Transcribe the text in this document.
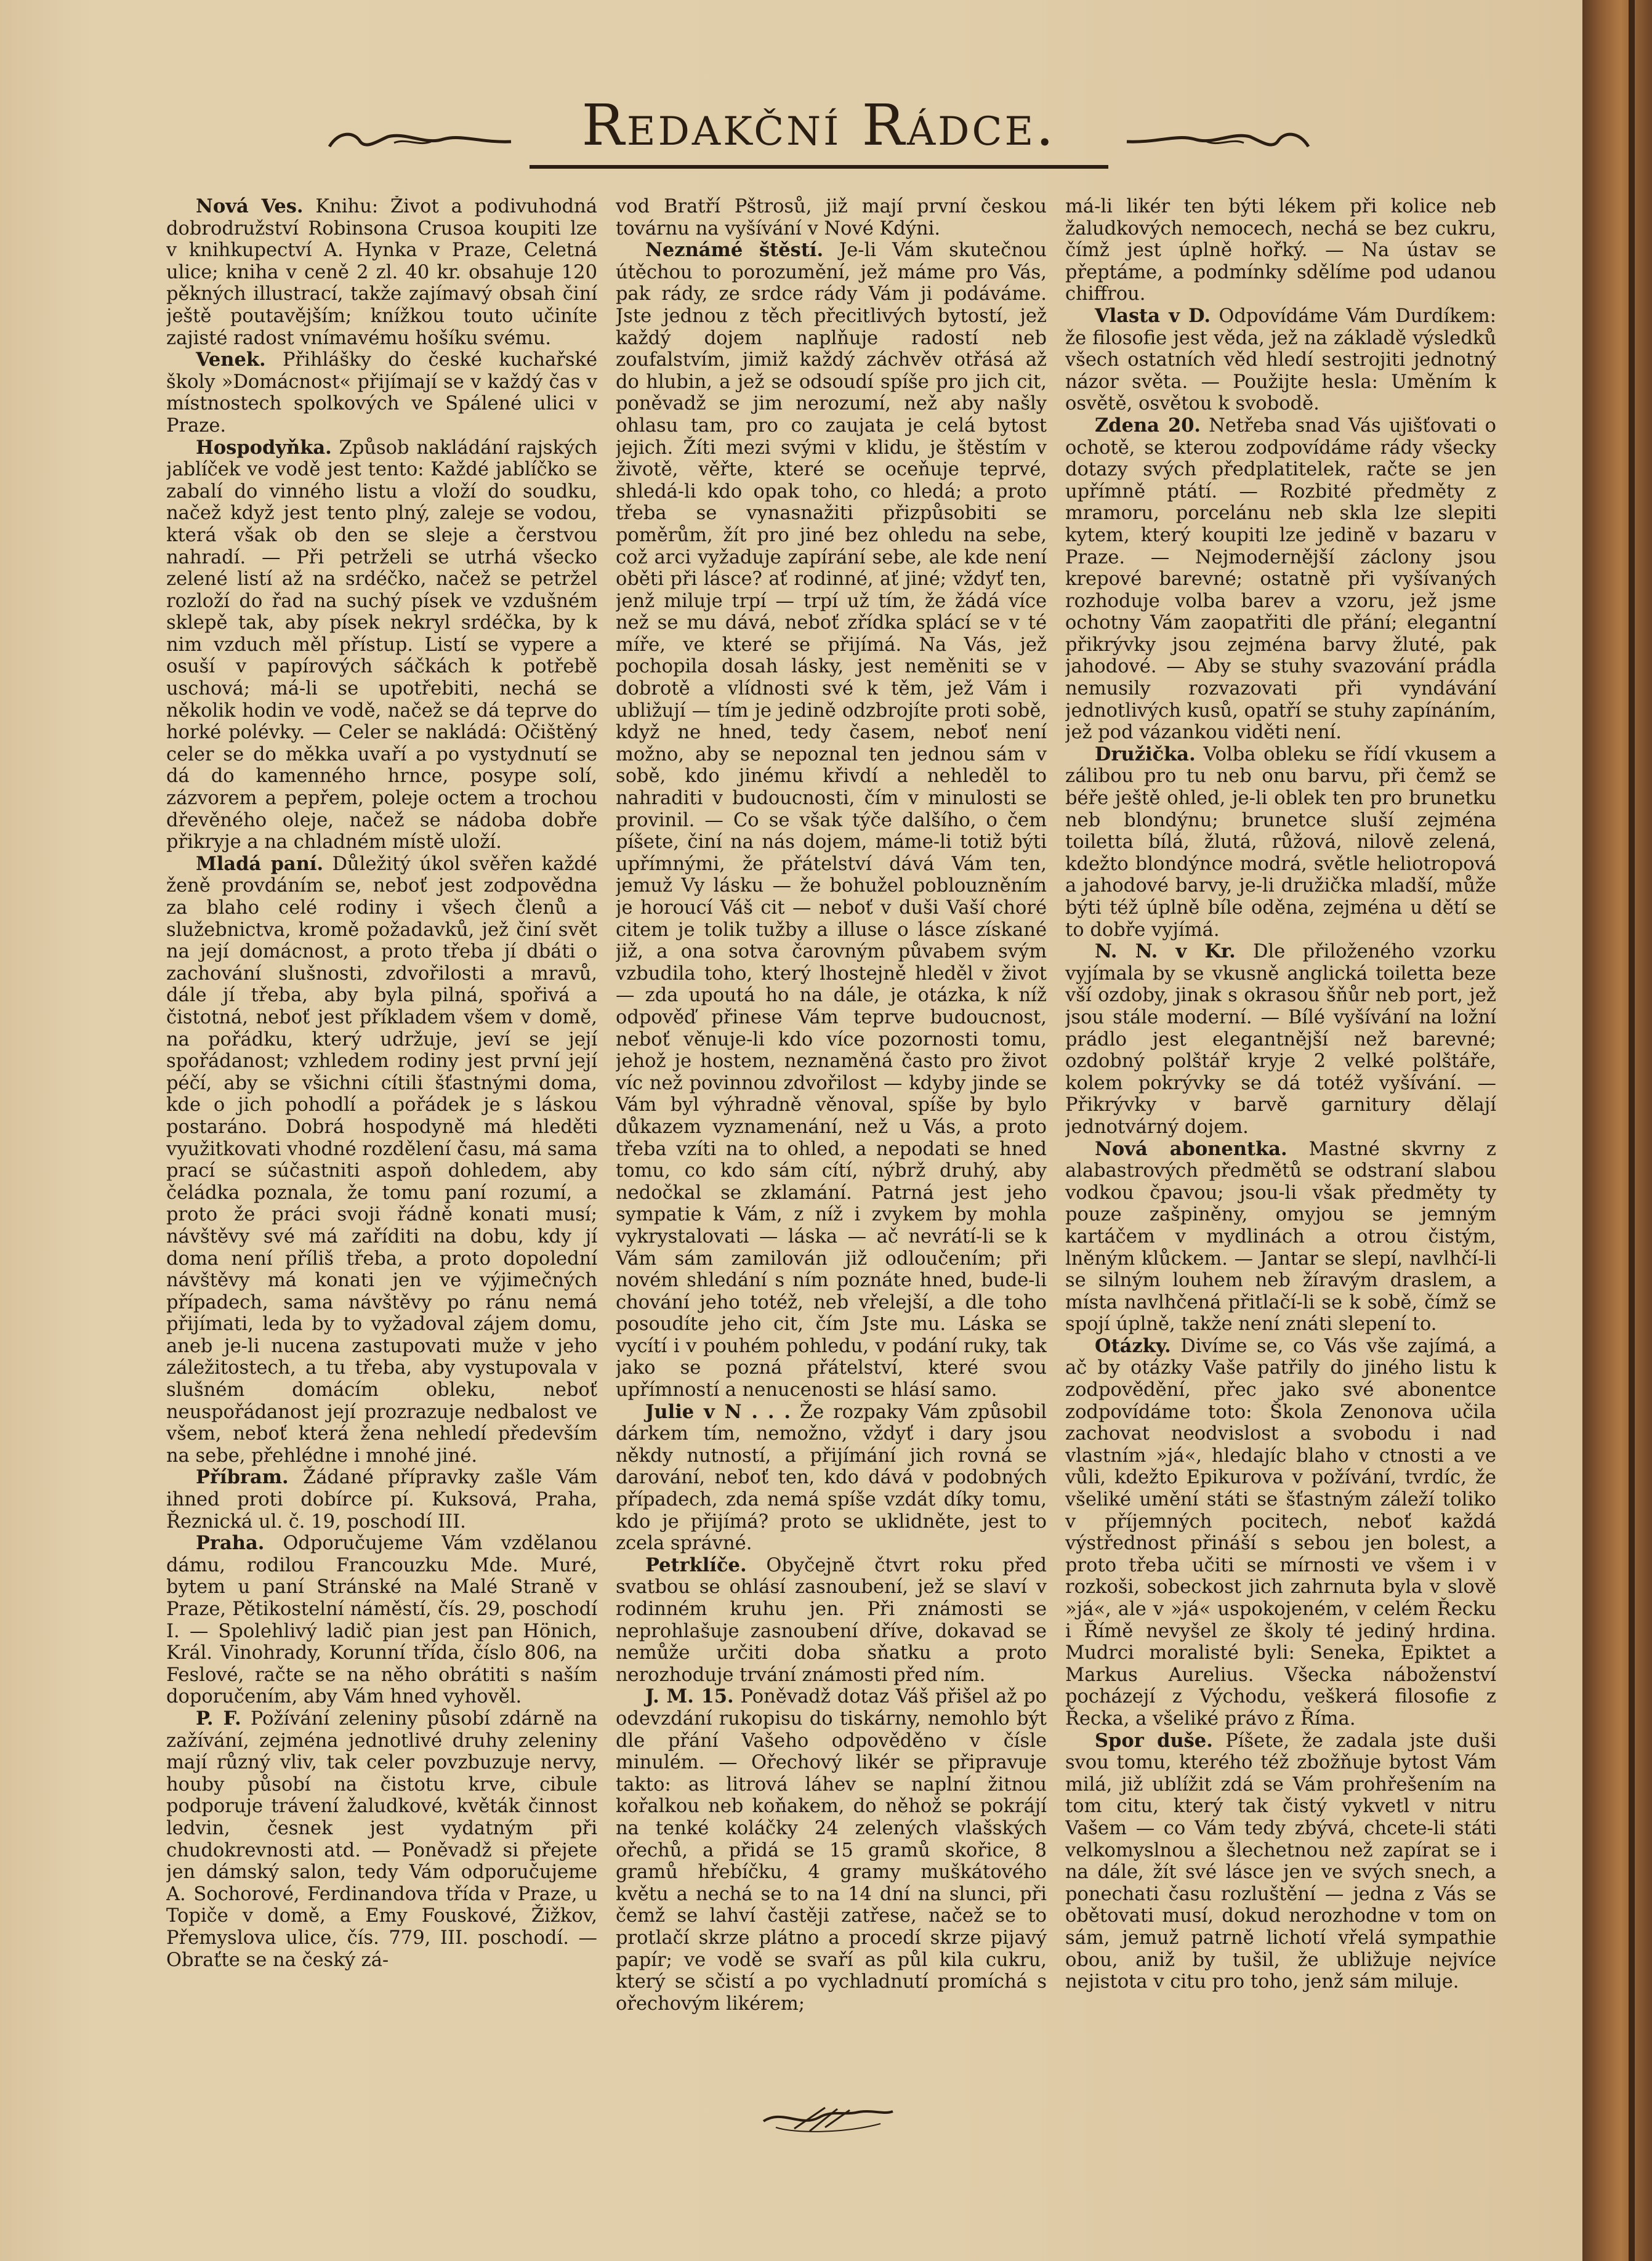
Redakční Rádce.

Nová Ves. Knihu: Život a podivuhodná dobrodružství Robinsona Crusoa koupiti lze v knihkupectví A. Hynka v Praze, Celetná ulice; kniha v ceně 2 zl. 40 kr. obsahuje 120 pěkných illustrací, takže zajímavý obsah činí ještě poutavějším; knížkou touto učiníte zajisté radost vnímavému hošíku svému.

Venek. Přihlášky do české kuchařské školy »Domácnost« přijímají se v každý čas v místnostech spolkových ve Spálené ulici v Praze.

Hospodyňka. Způsob nakládání rajských jablíček ve vodě jest tento: Každé jablíčko se zabalí do vinného listu a vloží do soudku, načež když jest tento plný, zaleje se vodou, která však ob den se sleje a čerstvou nahradí. — Při petrželi se utrhá všecko zelené listí až na srdéčko, načež se petržel rozloží do řad na suchý písek ve vzdušném sklepě tak, aby písek nekryl srdéčka, by k nim vzduch měl přístup. Listí se vypere a osuší v papírových sáčkách k potřebě uschová; má-li se upotřebiti, nechá se několik hodin ve vodě, načež se dá teprve do horké polévky. — Celer se nakládá: Očištěný celer se do měkka uvaří a po vystydnutí se dá do kamenného hrnce, posype solí, zázvorem a pepřem, poleje octem a trochou dřevěného oleje, načež se nádoba dobře přikryje a na chladném místě uloží.

Mladá paní. Důležitý úkol svěřen každé ženě provdáním se, neboť jest zodpovědna za blaho celé rodiny i všech členů a služebnictva, kromě požadavků, jež činí svět na její domácnost, a proto třeba jí dbáti o zachování slušnosti, zdvořilosti a mravů, dále jí třeba, aby byla pilná, spořivá a čistotná, neboť jest příkladem všem v domě, na pořádku, který udržuje, jeví se její spořádanost; vzhledem rodiny jest první její péčí, aby se všichni cítili šťastnými doma, kde o jich pohodlí a pořádek je s láskou postaráno. Dobrá hospodyně má hleděti využitkovati vhodné rozdělení času, má sama prací se súčastniti aspoň dohledem, aby čeládka poznala, že tomu paní rozumí, a proto že práci svoji řádně konati musí; návštěvy své má zaříditi na dobu, kdy jí doma není příliš třeba, a proto dopolední návštěvy má konati jen ve výjimečných případech, sama návštěvy po ránu nemá přijímati, leda by to vyžadoval zájem domu, aneb je-li nucena zastupovati muže v jeho záležitostech, a tu třeba, aby vystupovala v slušném domácím obleku, neboť neuspořádanost její prozrazuje nedbalost ve všem, neboť která žena nehledí především na sebe, přehlédne i mnohé jiné.

Příbram. Žádané přípravky zašle Vám ihned proti dobírce pí. Kuksová, Praha, Řeznická ul. č. 19, poschodí III.

Praha. Odporučujeme Vám vzdělanou dámu, rodilou Francouzku Mde. Muré, bytem u paní Stránské na Malé Straně v Praze, Pětikostelní náměstí, čís. 29, poschodí I. — Spolehlivý ladič pian jest pan Hönich, Král. Vinohrady, Korunní třída, číslo 806, na Feslové, račte se na něho obrátiti s naším doporučením, aby Vám hned vyhověl.

P. F. Požívání zeleniny působí zdárně na zažívání, zejména jednotlivé druhy zeleniny mají různý vliv, tak celer povzbuzuje nervy, houby působí na čistotu krve, cibule podporuje trávení žaludkové, květák činnost ledvin, česnek jest vydatným při chudokrevnosti atd. — Poněvadž si přejete jen dámský salon, tedy Vám odporučujeme A. Sochorové, Ferdinandova třída v Praze, u Topiče v domě, a Emy Fouskové, Žižkov, Přemyslova ulice, čís. 779, III. poschodí. — Obraťte se na český zá-

vod Bratří Pštrosů, již mají první českou továrnu na vyšívání v Nové Kdýni.

Neznámé štěstí. Je-li Vám skutečnou útěchou to porozumění, jež máme pro Vás, pak rády, ze srdce rády Vám ji podáváme. Jste jednou z těch přecitlivých bytostí, jež každý dojem naplňuje radostí neb zoufalstvím, jimiž každý záchvěv otřásá až do hlubin, a jež se odsoudí spíše pro jich cit, poněvadž se jim nerozumí, než aby našly ohlasu tam, pro co zaujata je celá bytost jejich. Žíti mezi svými v klidu, je štěstím v životě, věřte, které se oceňuje teprvé, shledá-li kdo opak toho, co hledá; a proto třeba se vynasnažiti přizpůsobiti se poměrům, žít pro jiné bez ohledu na sebe, což arci vyžaduje zapírání sebe, ale kde není oběti při lásce? ať rodinné, ať jiné; vždyť ten, jenž miluje trpí — trpí už tím, že žádá více než se mu dává, neboť zřídka splácí se v té míře, ve které se přijímá. Na Vás, jež pochopila dosah lásky, jest neměniti se v dobrotě a vlídnosti své k těm, jež Vám i ubližují — tím je jedině odzbrojíte proti sobě, když ne hned, tedy časem, neboť není možno, aby se nepoznal ten jednou sám v sobě, kdo jinému křivdí a nehleděl to nahraditi v budoucnosti, čím v minulosti se provinil. — Co se však týče dalšího, o čem píšete, činí na nás dojem, máme-li totiž býti upřímnými, že přátelství dává Vám ten, jemuž Vy lásku — že bohužel poblouzněním je horoucí Váš cit — neboť v duši Vaší choré citem je tolik tužby a illuse o lásce získané již, a ona sotva čarovným půvabem svým vzbudila toho, který lhostejně hleděl v život — zda upoutá ho na dále, je otázka, k níž odpověď přinese Vám teprve budoucnost, neboť věnuje-li kdo více pozornosti tomu, jehož je hostem, neznaměná často pro život víc než povinnou zdvořilost — kdyby jinde se Vám byl výhradně věnoval, spíše by bylo důkazem vyznamenání, než u Vás, a proto třeba vzíti na to ohled, a nepodati se hned tomu, co kdo sám cítí, nýbrž druhý, aby nedočkal se zklamání. Patrná jest jeho sympatie k Vám, z níž i zvykem by mohla vykrystalovati — láska — ač nevrátí-li se k Vám sám zamilován již odloučením; při novém shledání s ním poznáte hned, bude-li chování jeho totéž, neb vřelejší, a dle toho posoudíte jeho cit, čím Jste mu. Láska se vycítí i v pouhém pohledu, v podání ruky, tak jako se pozná přátelství, které svou upřímností a nenucenosti se hlásí samo.

Julie v N . . . Že rozpaky Vám způsobil dárkem tím, nemožno, vždyť i dary jsou někdy nutností, a přijímání jich rovná se darování, neboť ten, kdo dává v podobných případech, zda nemá spíše vzdát díky tomu, kdo je přijímá? proto se uklidněte, jest to zcela správné.

Petrklíče. Obyčejně čtvrt roku před svatbou se ohlásí zasnoubení, jež se slaví v rodinném kruhu jen. Při známosti se neprohlašuje zasnoubení dříve, dokavad se nemůže určiti doba sňatku a proto nerozhoduje trvání známosti před ním.

J. M. 15. Poněvadž dotaz Váš přišel až po odevzdání rukopisu do tiskárny, nemohlo být dle přání Vašeho odpověděno v čísle minulém. — Ořechový likér se připravuje takto: as litrová láhev se naplní žitnou kořalkou neb koňakem, do něhož se pokrájí na tenké koláčky 24 zelených vlašských ořechů, a přidá se 15 gramů skořice, 8 gramů hřebíčku, 4 gramy muškátového květu a nechá se to na 14 dní na slunci, při čemž se lahví častěji zatřese, načež se to protlačí skrze plátno a procedí skrze pijavý papír; ve vodě se svaří as půl kila cukru, který se sčistí a po vychladnutí promíchá s ořechovým likérem;

má-li likér ten býti lékem při kolice neb žaludkových nemocech, nechá se bez cukru, čímž jest úplně hořký. — Na ústav se přeptáme, a podmínky sdělíme pod udanou chiffrou.

Vlasta v D. Odpovídáme Vám Durdíkem: že filosofie jest věda, jež na základě výsledků všech ostatních věd hledí sestrojiti jednotný názor světa. — Použijte hesla: Uměním k osvětě, osvětou k svobodě.

Zdena 20. Netřeba snad Vás ujišťovati o ochotě, se kterou zodpovídáme rády všecky dotazy svých předplatitelek, račte se jen upřímně ptátí. — Rozbité předměty z mramoru, porcelánu neb skla lze slepiti kytem, který koupiti lze jedině v bazaru v Praze. — Nejmodernější záclony jsou krepové barevné; ostatně při vyšívaných rozhoduje volba barev a vzoru, jež jsme ochotny Vám zaopatřiti dle přání; elegantní přikrývky jsou zejména barvy žluté, pak jahodové. — Aby se stuhy svazování prádla nemusily rozvazovati při vyndávání jednotlivých kusů, opatří se stuhy zapínáním, jež pod vázankou viděti není.

Družička. Volba obleku se řídí vkusem a zálibou pro tu neb onu barvu, při čemž se béře ještě ohled, je-li oblek ten pro brunetku neb blondýnu; brunetce sluší zejména toiletta bílá, žlutá, růžová, nilově zelená, kdežto blondýnce modrá, světle heliotropová a jahodové barvy, je-li družička mladší, může býti též úplně bíle oděna, zejména u dětí se to dobře vyjímá.

N. N. v Kr. Dle přiloženého vzorku vyjímala by se vkusně anglická toiletta beze vší ozdoby, jinak s okrasou šňůr neb port, jež jsou stále moderní. — Bílé vyšívání na ložní prádlo jest elegantnější než barevné; ozdobný polštář kryje 2 velké polštáře, kolem pokrývky se dá totéž vyšívání. — Přikrývky v barvě garnitury dělají jednotvárný dojem.

Nová abonentka. Mastné skvrny z alabastrových předmětů se odstraní slabou vodkou čpavou; jsou-li však předměty ty pouze zašpiněny, omyjou se jemným kartáčem v mydlinách a otrou čistým, lněným klůckem. — Jantar se slepí, navlhčí-li se silným louhem neb žíravým draslem, a místa navlhčená přitlačí-li se k sobě, čímž se spojí úplně, takže není znáti slepení to.

Otázky. Divíme se, co Vás vše zajímá, a ač by otázky Vaše patřily do jiného listu k zodpovědění, přec jako své abonentce zodpovídáme toto: Škola Zenonova učila zachovat neodvislost a svobodu i nad vlastním »já«, hledajíc blaho v ctnosti a ve vůli, kdežto Epikurova v požívání, tvrdíc, že všeliké umění státi se šťastným záleží toliko v příjemných pocitech, neboť každá výstřednost přináší s sebou jen bolest, a proto třeba učiti se mírnosti ve všem i v rozkoši, sobeckost jich zahrnuta byla v slově »já«, ale v »já« uspokojeném, v celém Řecku i Římě nevyšel ze školy té jediný hrdina. Mudrci moralisté byli: Seneka, Epiktet a Markus Aurelius. Všecka náboženství pocházejí z Východu, veškerá filosofie z Řecka, a všeliké právo z Říma.

Spor duše. Píšete, že zadala jste duši svou tomu, kterého též zbožňuje bytost Vám milá, již ublížit zdá se Vám prohřešením na tom citu, který tak čistý vykvetl v nitru Vašem — co Vám tedy zbývá, chcete-li státi velkomyslnou a šlechetnou než zapírat se i na dále, žít své lásce jen ve svých snech, a ponechati času rozluštění — jedna z Vás se obětovati musí, dokud nerozhodne v tom on sám, jemuž patrně lichotí vřelá sympathie obou, aniž by tušil, že ubližuje nejvíce nejistota v citu pro toho, jenž sám miluje.
